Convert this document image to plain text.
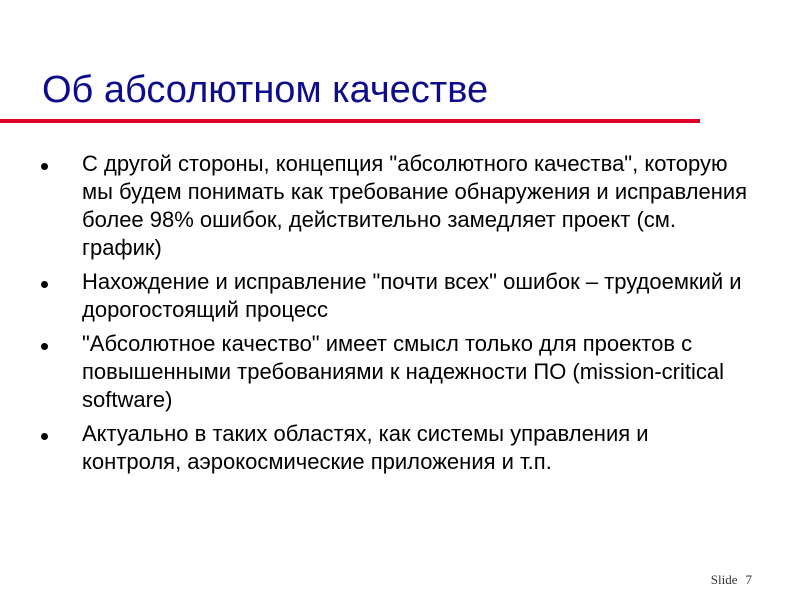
Об абсолютном качестве
С другой стороны, концепция "абсолютного качества", которую мы будем понимать как требование обнаружения и исправления более 98% ошибок, действительно замедляет проект (см. график)
Нахождение и исправление "почти всех" ошибок – трудоемкий и дорогостоящий процесс
"Абсолютное качество" имеет смысл только для проектов с повышенными требованиями к надежности ПО (mission-critical software)
Актуально в таких областях, как системы управления и контроля, аэрокосмические приложения и т.п.
Slide 7
